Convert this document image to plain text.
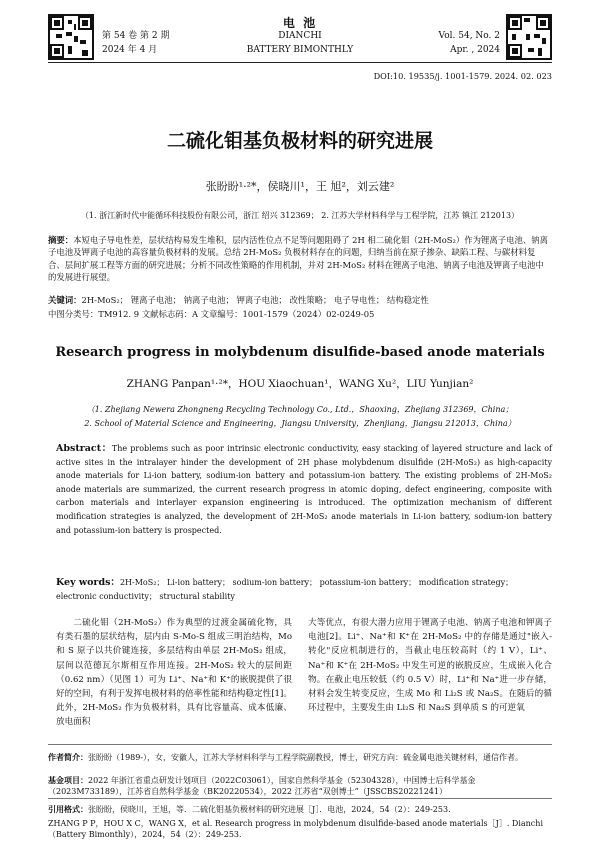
第 54 卷 第 2 期
2024 年 4 月
电 池
DIANCHI
BATTERY BIMONTHLY
Vol. 54, No. 2
Apr. , 2024
DOI:10. 19535/j. 1001-1579. 2024. 02. 023
二硫化钼基负极材料的研究进展
张盼盼¹·²*，侯晓川¹，王 旭²，刘云建²
（1. 浙江新时代中能循环科技股份有限公司，浙江 绍兴 312369； 2. 江苏大学材料科学与工程学院，江苏 镇江 212013）
摘要：本短电子导电性差，层状结构易发生堆积，层内活性位点不足等问题阻碍了 2H 相二硫化钼（2H-MoS₂）作为锂离子电池、钠离子电池及钾离子电池的高容量负极材料的发展。总结 2H-MoS₂ 负极材料存在的问题，归纳当前在原子掺杂、缺陷工程、与碳材料复合、层间扩展工程等方面的研究进展；分析不同改性策略的作用机制，并对 2H-MoS₂ 材料在锂离子电池、钠离子电池及钾离子电池中的发展进行展望。
关键词：2H-MoS₂； 锂离子电池； 钠离子电池； 钾离子电池； 改性策略； 电子导电性； 结构稳定性
中图分类号：TM912. 9 文献标志码：A 文章编号：1001-1579（2024）02-0249-05
Research progress in molybdenum disulfide-based anode materials
ZHANG Panpan¹·²*，HOU Xiaochuan¹，WANG Xu²，LIU Yunjian²
（1. Zhejiang Newera Zhongneng Recycling Technology Co., Ltd.，Shaoxing，Zhejiang 312369，China；
2. School of Material Science and Engineering，Jiangsu University，Zhenjiang，Jiangsu 212013，China）
Abstract：The problems such as poor intrinsic electronic conductivity, easy stacking of layered structure and lack of active sites in the intralayer hinder the development of 2H phase molybdenum disulfide (2H-MoS₂) as high-capacity anode materials for Li-ion battery, sodium-ion battery and potassium-ion battery. The existing problems of 2H-MoS₂ anode materials are summarized, the current research progress in atomic doping, defect engineering, composite with carbon materials and interlayer expansion engineering is introduced. The optimization mechanism of different modification strategies is analyzed, the development of 2H-MoS₂ anode materials in Li-ion battery, sodium-ion battery and potassium-ion battery is prospected.
Key words：2H-MoS₂； Li-ion battery； sodium-ion battery； potassium-ion battery； modification strategy； electronic conductivity； structural stability
二硫化钼（2H-MoS₂）作为典型的过渡金属硫化物，具有类石墨的层状结构，层内由 S-Mo-S 组成三明治结构，Mo 和 S 原子以共价键连接，多层结构由单层 2H-MoS₂ 组成，层间以范德瓦尔斯相互作用连接。2H-MoS₂ 较大的层间距（0.62 nm）（见图 1）可为 Li⁺、Na⁺和 K⁺的嵌脱提供了很好的空间，有利于发挥电极材料的倍率性能和结构稳定性[1]。此外，2H-MoS₂ 作为负极材料，具有比容量高、成本低廉、放电面积
大等优点，有很大潜力应用于锂离子电池、钠离子电池和钾离子电池[2]。Li⁺、Na⁺和 K⁺在 2H-MoS₂ 中的存储是通过"嵌入-转化"反应机制进行的，当截止电压较高时（约 1 V），Li⁺、Na⁺和 K⁺在 2H-MoS₂ 中发生可逆的嵌脱反应，生成嵌入化合物。在截止电压较低（约 0.5 V）时，Li⁺和 Na⁺进一步存储，材料会发生转变反应，生成 Mo 和 Li₂S 或 Na₂S。在随后的循环过程中，主要发生由 Li₂S 和 Na₂S 到单质 S 的可逆氧
作者简介：张盼盼（1989-），女，安徽人，江苏大学材料科学与工程学院副教授，博士，研究方向：硫金属电池关键材料，通信作者。
基金项目：2022 年浙江省重点研发计划项目（2022C03061），国家自然科学基金（52304328），中国博士后科学基金（2023M733189），江苏省自然科学基金（BK20220534），2022 江苏省“双创博士”（JSSCBS20221241）
引用格式：张盼盼，侯晓川，王旭，等．二硫化钼基负极材料的研究进展［J］．电池，2024，54（2）：249-253.
ZHANG P P，HOU X C，WANG X，et al. Research progress in molybdenum disulfide-based anode materials［J］. Dianchi（Battery Bimonthly），2024，54（2）：249-253.
